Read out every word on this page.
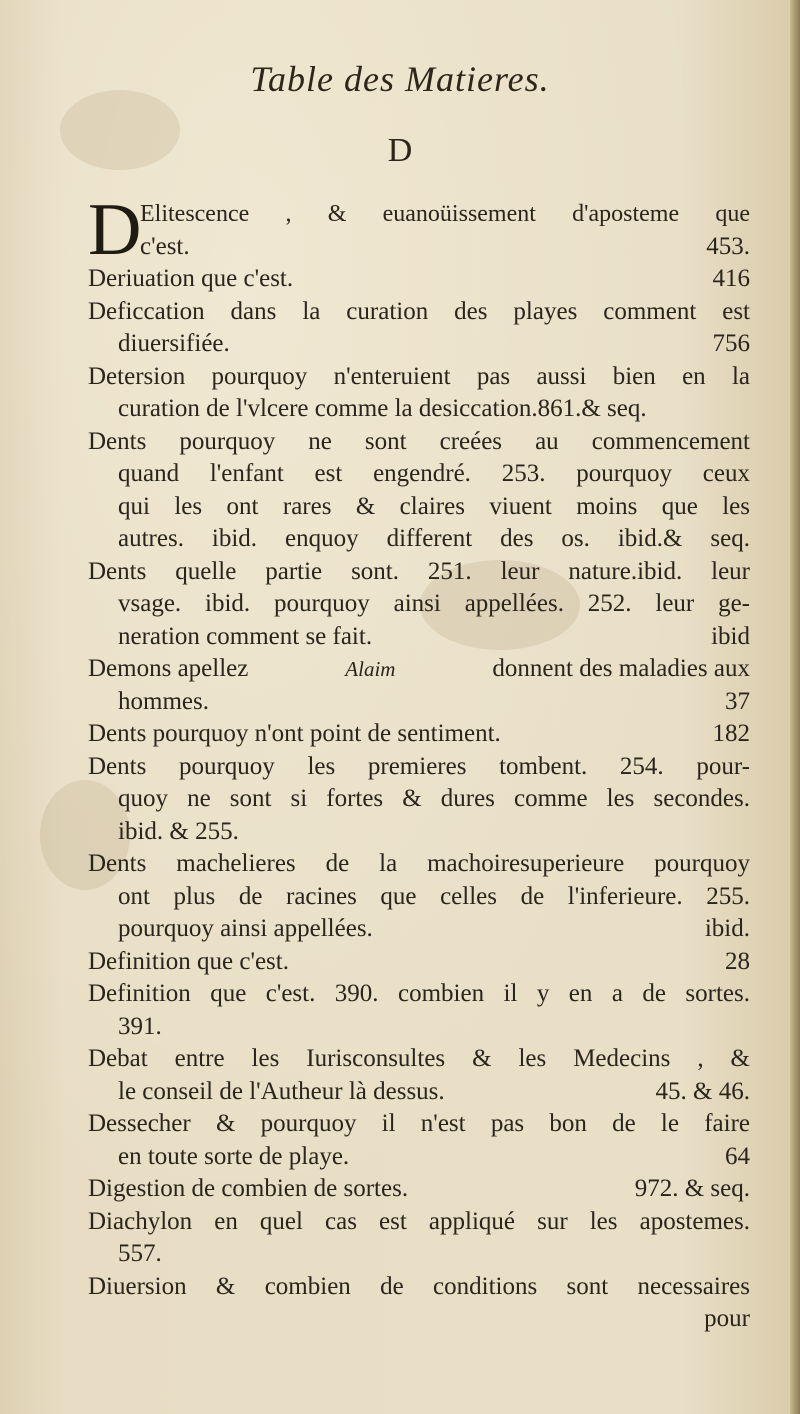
Table des Matieres.
D
D
Elitescence , & euanoüissement d'aposteme que
c'est.	453.
Deriuation que c'est.	416
Deficcation dans la curation des playes comment est
diuersifiée.	756
Detersion pourquoy n'enteruient pas aussi bien en la
curation de l'vlcere comme la desiccation.861.& seq.
Dents pourquoy ne sont creées au commencement
quand l'enfant est engendré. 253. pourquoy ceux
qui les ont rares & claires viuent moins que les
autres. ibid. enquoy different des os. ibid.& seq.
Dents quelle partie sont. 251. leur nature.ibid. leur
vsage. ibid. pourquoy ainsi appellées. 252. leur ge-
neration comment se fait.	ibid
Demons apellez	Alaim	donnent des maladies aux
hommes.	37
Dents pourquoy n'ont point de sentiment.	182
Dents pourquoy les premieres tombent. 254. pour-
quoy ne sont si fortes & dures comme les secondes.
ibid. & 255.
Dents machelieres de la machoiresuperieure pourquoy
ont plus de racines que celles de l'inferieure. 255.
pourquoy ainsi appellées.	ibid.
Definition que c'est.	28
Definition que c'est. 390. combien il y en a de sortes.
391.
Debat entre les Iurisconsultes & les Medecins , &
le conseil de l'Autheur là dessus.	45. & 46.
Dessecher & pourquoy il n'est pas bon de le faire
en toute sorte de playe.	64
Digestion de combien de sortes.	972. & seq.
Diachylon en quel cas est appliqué sur les apostemes.
557.
Diuersion & combien de conditions sont necessaires
pour
